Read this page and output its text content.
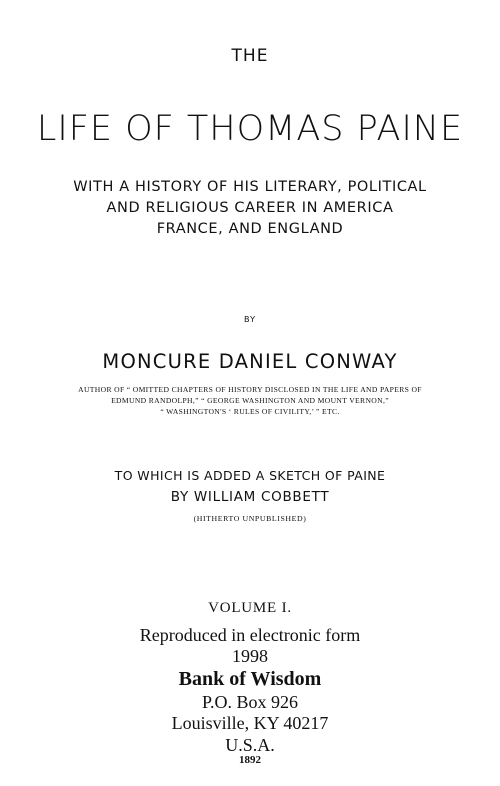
THE
LIFE OF THOMAS PAINE
WITH A HISTORY OF HIS LITERARY, POLITICAL
AND RELIGIOUS CAREER IN AMERICA
FRANCE, AND ENGLAND
BY
MONCURE DANIEL CONWAY
AUTHOR OF “ OMITTED CHAPTERS OF HISTORY DISCLOSED IN THE LIFE AND PAPERS OF
EDMUND RANDOLPH,” “ GEORGE WASHINGTON AND MOUNT VERNON,”
“ WASHINGTON'S ‘ RULES OF CIVILITY,’ ” ETC.
TO WHICH IS ADDED A SKETCH OF PAINE
BY WILLIAM COBBETT
(HITHERTO UNPUBLISHED)
VOLUME I.
Reproduced in electronic form
1998
Bank of Wisdom
P.O. Box 926
Louisville, KY 40217
U.S.A.
1892
